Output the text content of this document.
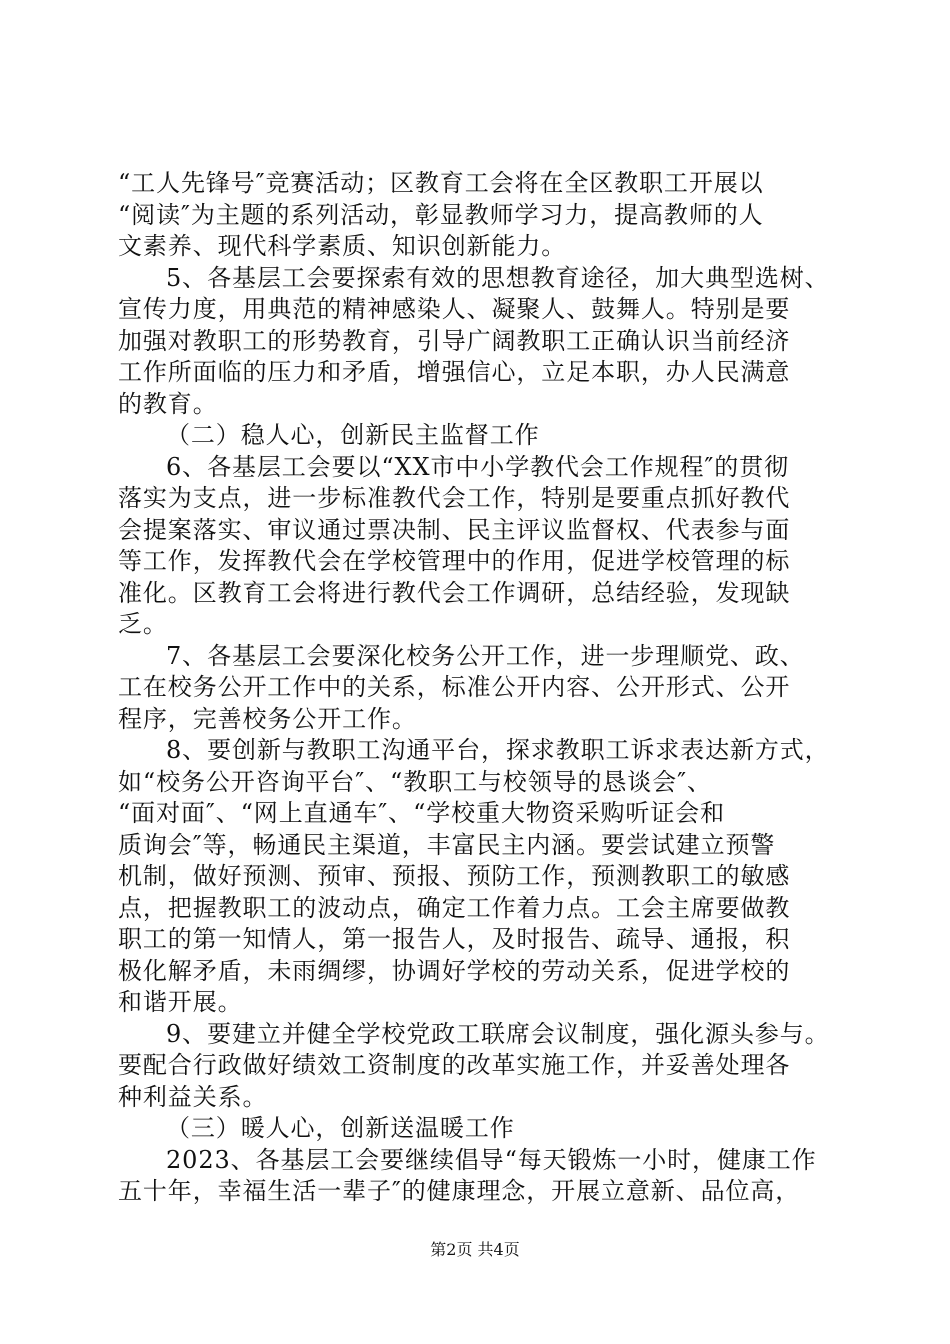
“工人先锋号″竞赛活动；区教育工会将在全区教职工开展以
“阅读″为主题的系列活动，彰显教师学习力，提高教师的人
文素养、现代科学素质、知识创新能力。
5、各基层工会要探索有效的思想教育途径，加大典型选树、
宣传力度，用典范的精神感染人、凝聚人、鼓舞人。特别是要
加强对教职工的形势教育，引导广阔教职工正确认识当前经济
工作所面临的压力和矛盾，增强信心，立足本职，办人民满意
的教育。
（二）稳人心，创新民主监督工作
6、各基层工会要以“XX市中小学教代会工作规程″的贯彻
落实为支点，进一步标准教代会工作，特别是要重点抓好教代
会提案落实、审议通过票决制、民主评议监督权、代表参与面
等工作，发挥教代会在学校管理中的作用，促进学校管理的标
准化。区教育工会将进行教代会工作调研，总结经验，发现缺
乏。
7、各基层工会要深化校务公开工作，进一步理顺党、政、
工在校务公开工作中的关系，标准公开内容、公开形式、公开
程序，完善校务公开工作。
8、要创新与教职工沟通平台，探求教职工诉求表达新方式，
如“校务公开咨询平台″、“教职工与校领导的恳谈会″、
“面对面″、“网上直通车″、“学校重大物资采购听证会和
质询会″等，畅通民主渠道，丰富民主内涵。要尝试建立预警
机制，做好预测、预审、预报、预防工作，预测教职工的敏感
点，把握教职工的波动点，确定工作着力点。工会主席要做教
职工的第一知情人，第一报告人，及时报告、疏导、通报，积
极化解矛盾，未雨绸缪，协调好学校的劳动关系，促进学校的
和谐开展。
9、要建立并健全学校党政工联席会议制度，强化源头参与。
要配合行政做好绩效工资制度的改革实施工作，并妥善处理各
种利益关系。
（三）暖人心，创新送温暖工作
2023、各基层工会要继续倡导“每天锻炼一小时，健康工作
五十年，幸福生活一辈子″的健康理念，开展立意新、品位高，
第2页 共4页
